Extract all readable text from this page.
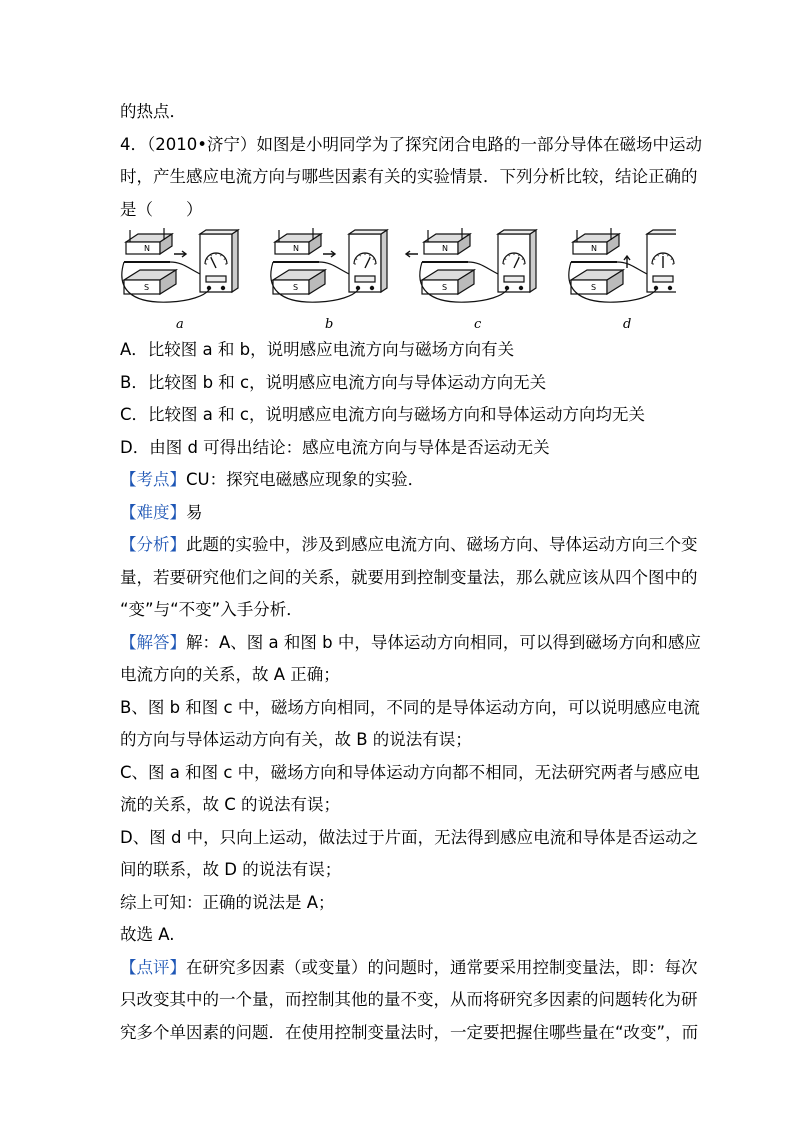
的热点．
4．（2010•济宁）如图是小明同学为了探究闭合电路的一部分导体在磁场中运动
时，产生感应电流方向与哪些因素有关的实验情景．下列分析比较，结论正确的
是（　　）
N
S
a
N
S
b
N
S
c
N
S
d
A．比较图 a 和 b，说明感应电流方向与磁场方向有关
B．比较图 b 和 c，说明感应电流方向与导体运动方向无关
C．比较图 a 和 c，说明感应电流方向与磁场方向和导体运动方向均无关
D．由图 d 可得出结论：感应电流方向与导体是否运动无关
【考点】CU：探究电磁感应现象的实验．
【难度】易
【分析】此题的实验中，涉及到感应电流方向、磁场方向、导体运动方向三个变
量，若要研究他们之间的关系，就要用到控制变量法，那么就应该从四个图中的
“变”与“不变”入手分析．
【解答】解：A、图 a 和图 b 中，导体运动方向相同，可以得到磁场方向和感应
电流方向的关系，故 A 正确；
B、图 b 和图 c 中，磁场方向相同，不同的是导体运动方向，可以说明感应电流
的方向与导体运动方向有关，故 B 的说法有误；
C、图 a 和图 c 中，磁场方向和导体运动方向都不相同，无法研究两者与感应电
流的关系，故 C 的说法有误；
D、图 d 中，只向上运动，做法过于片面，无法得到感应电流和导体是否运动之
间的联系，故 D 的说法有误；
综上可知：正确的说法是 A；
故选 A.
【点评】在研究多因素（或变量）的问题时，通常要采用控制变量法，即：每次
只改变其中的一个量，而控制其他的量不变，从而将研究多因素的问题转化为研
究多个单因素的问题．在使用控制变量法时，一定要把握住哪些量在“改变”，而
